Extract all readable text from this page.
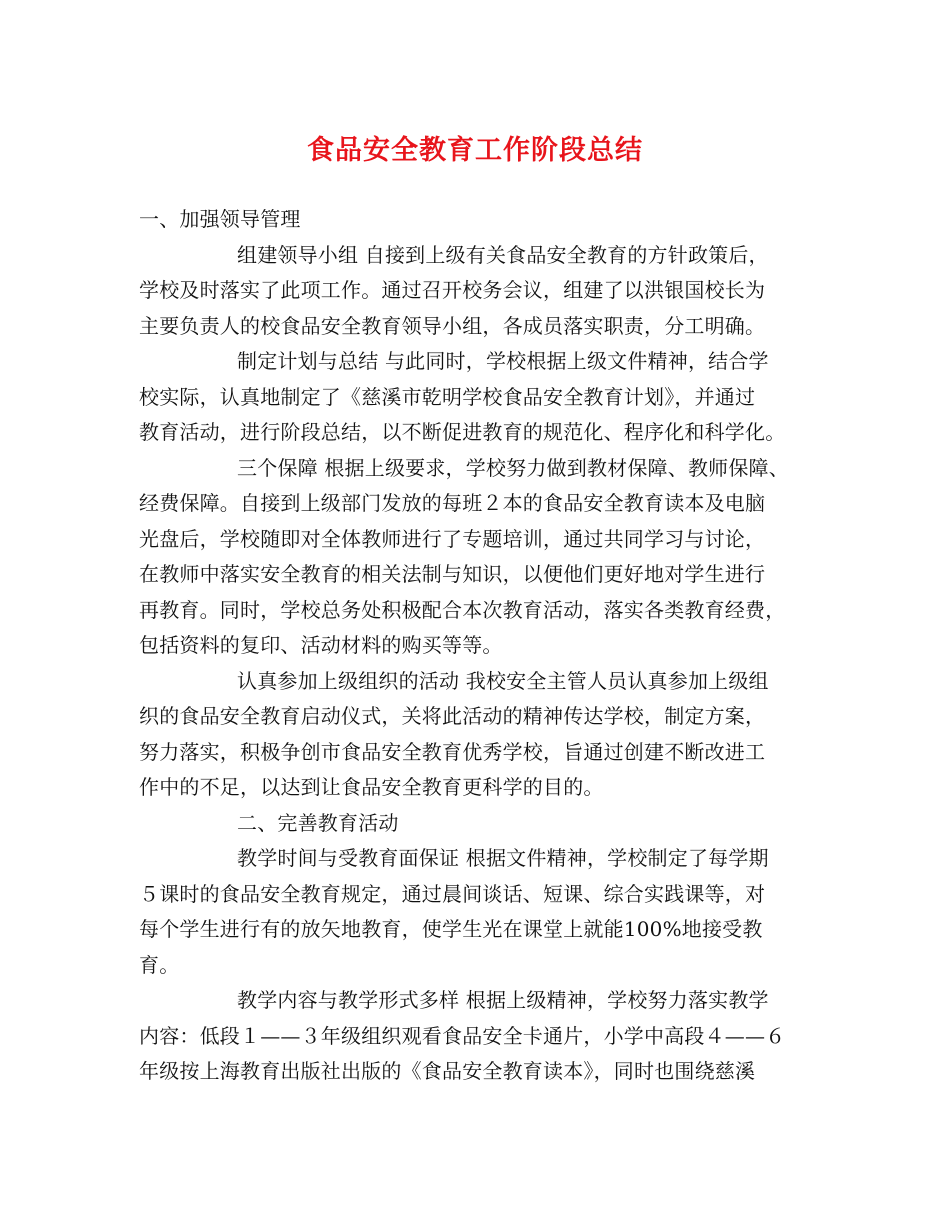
食品安全教育工作阶段总结
一、加强领导管理
组建领导小组 自接到上级有关食品安全教育的方针政策后，
学校及时落实了此项工作。通过召开校务会议，组建了以洪银国校长为
主要负责人的校食品安全教育领导小组，各成员落实职责，分工明确。
制定计划与总结 与此同时，学校根据上级文件精神，结合学
校实际，认真地制定了《慈溪市乾明学校食品安全教育计划》，并通过
教育活动，进行阶段总结，以不断促进教育的规范化、程序化和科学化。
三个保障 根据上级要求，学校努力做到教材保障、教师保障、
经费保障。自接到上级部门发放的每班２本的食品安全教育读本及电脑
光盘后，学校随即对全体教师进行了专题培训，通过共同学习与讨论，
在教师中落实安全教育的相关法制与知识，以便他们更好地对学生进行
再教育。同时，学校总务处积极配合本次教育活动，落实各类教育经费，
包括资料的复印、活动材料的购买等等。
认真参加上级组织的活动 我校安全主管人员认真参加上级组
织的食品安全教育启动仪式，关将此活动的精神传达学校，制定方案，
努力落实，积极争创市食品安全教育优秀学校，旨通过创建不断改进工
作中的不足，以达到让食品安全教育更科学的目的。
二、完善教育活动
教学时间与受教育面保证 根据文件精神，学校制定了每学期
５课时的食品安全教育规定，通过晨间谈话、短课、综合实践课等，对
每个学生进行有的放矢地教育，使学生光在课堂上就能100%地接受教
育。
教学内容与教学形式多样 根据上级精神，学校努力落实教学
内容：低段１——３年级组织观看食品安全卡通片，小学中高段４——６
年级按上海教育出版社出版的《食品安全教育读本》，同时也围绕慈溪
